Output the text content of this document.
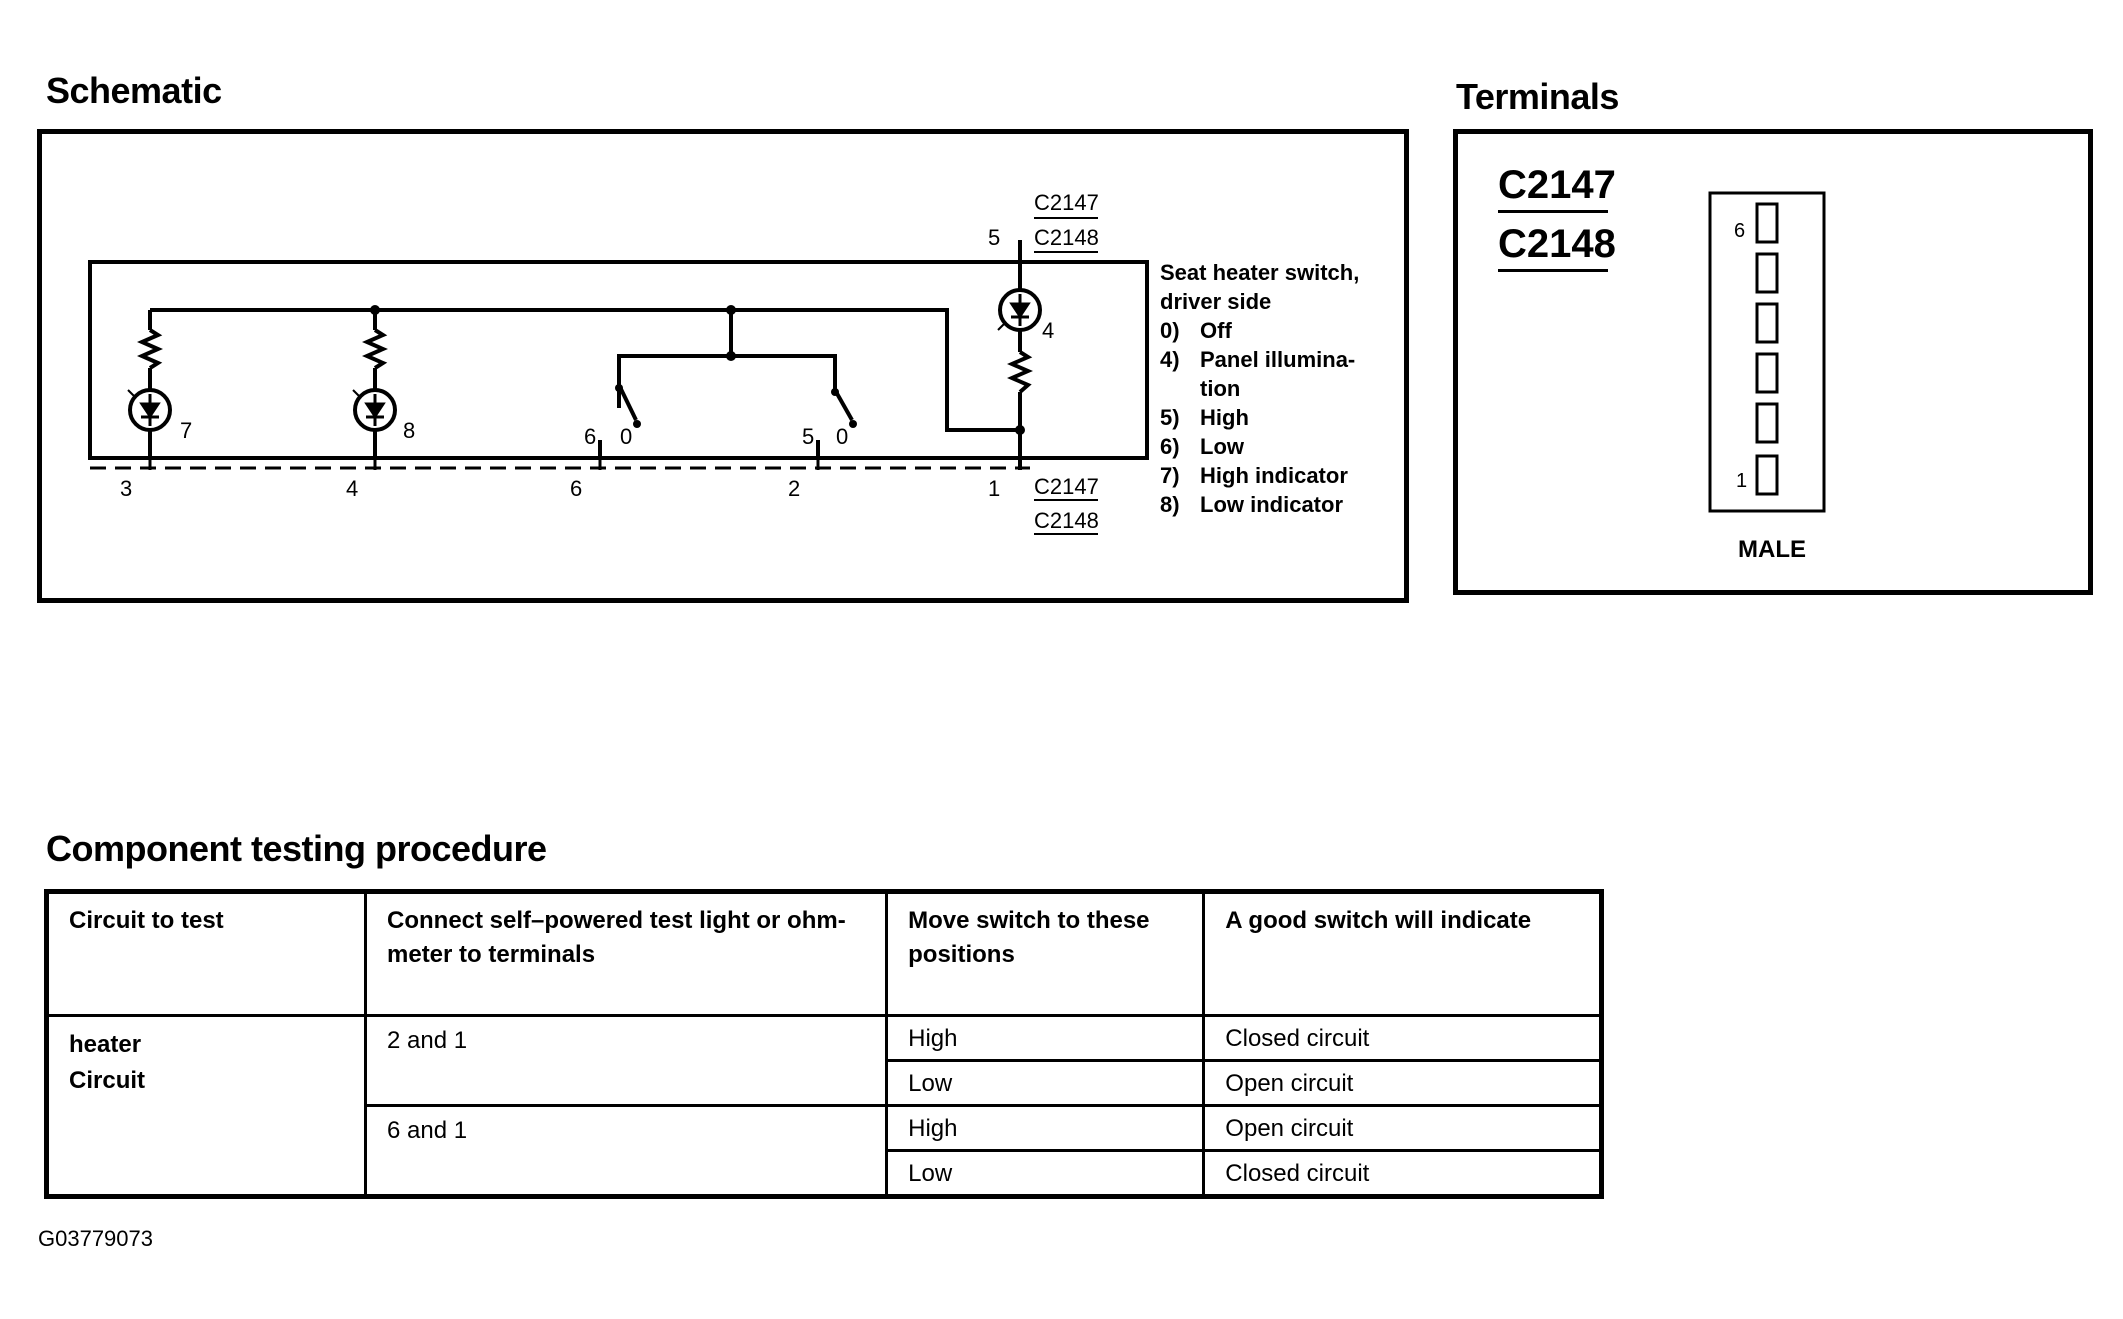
Schematic
C2147
C2148
5
7	8
4
6 0	5 0
3	4	6	2	1 C2147
C2148
Seat heater switch,
driver side
0) Off
4) Panel illumina-
tion
5) High
6) Low
7) High indicator
8) Low indicator
Terminals
C2147
C2148	6
1
MALE
Component testing procedure
Circuit to test	Connect self–powered test light or ohm-meter to terminals	Move switch to these positions	A good switch will indicate

heater
Circuit	2 and 1	High	Closed circuit
		Low	Open circuit
	6 and 1	High	Open circuit
		Low	Closed circuit
G03779073
